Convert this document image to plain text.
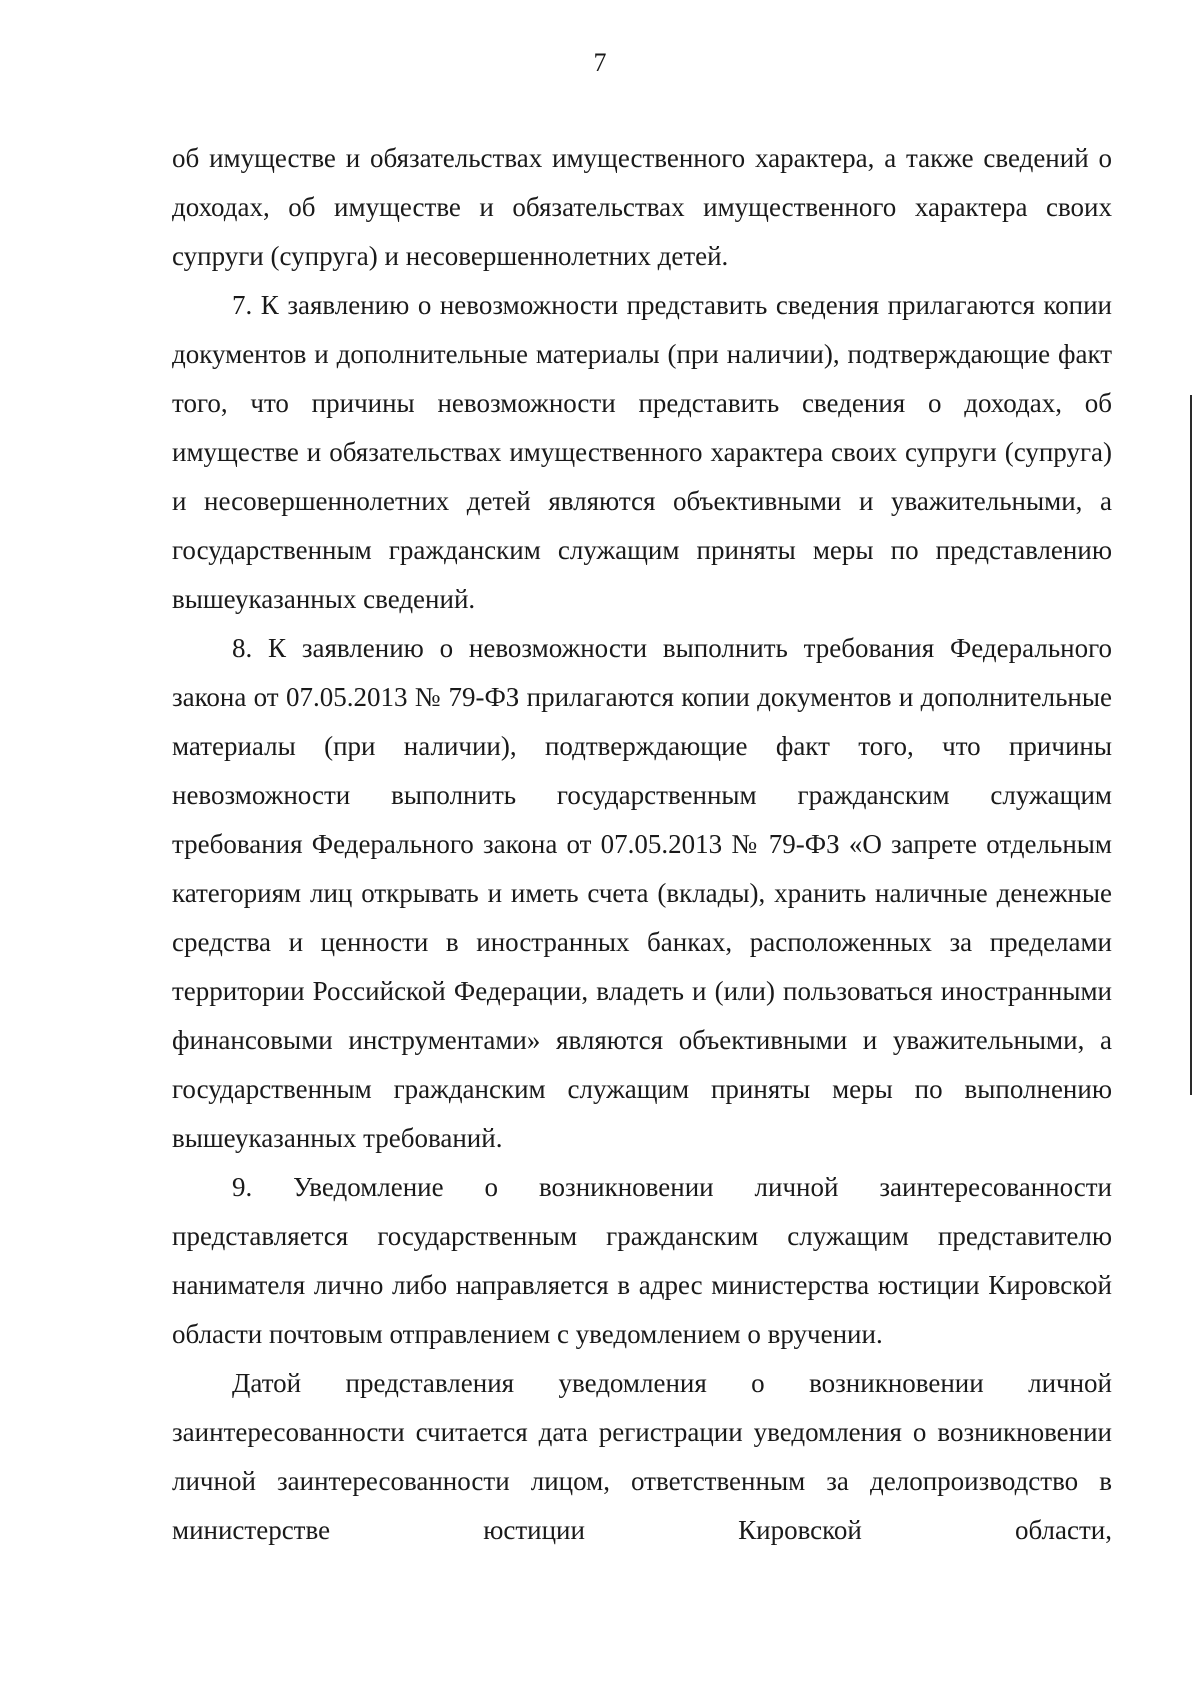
7

об имуществе и обязательствах имущественного характера, а также сведений о доходах, об имуществе и обязательствах имущественного характера своих супруги (супруга) и несовершеннолетних детей.

7. К заявлению о невозможности представить сведения прилагаются копии документов и дополнительные материалы (при наличии), подтверждающие факт того, что причины невозможности представить сведения о доходах, об имуществе и обязательствах имущественного характера своих супруги (супруга) и несовершеннолетних детей являются объективными и уважительными, а государственным гражданским служащим приняты меры по представлению вышеуказанных сведений.

8. К заявлению о невозможности выполнить требования Федерального закона от 07.05.2013 № 79-ФЗ прилагаются копии документов и дополнительные материалы (при наличии), подтверждающие факт того, что причины невозможности выполнить государственным гражданским служащим требования Федерального закона от 07.05.2013 № 79-ФЗ «О запрете отдельным категориям лиц открывать и иметь счета (вклады), хранить наличные денежные средства и ценности в иностранных банках, расположенных за пределами территории Российской Федерации, владеть и (или) пользоваться иностранными финансовыми инструментами» являются объективными и уважительными, а государственным гражданским служащим приняты меры по выполнению вышеуказанных требований.

9. Уведомление о возникновении личной заинтересованности представляется государственным гражданским служащим представителю нанимателя лично либо направляется в адрес министерства юстиции Кировской области почтовым отправлением с уведомлением о вручении.

Датой представления уведомления о возникновении личной заинтересованности считается дата регистрации уведомления о возникновении личной заинтересованности лицом, ответственным за делопроизводство в министерстве юстиции Кировской области,
